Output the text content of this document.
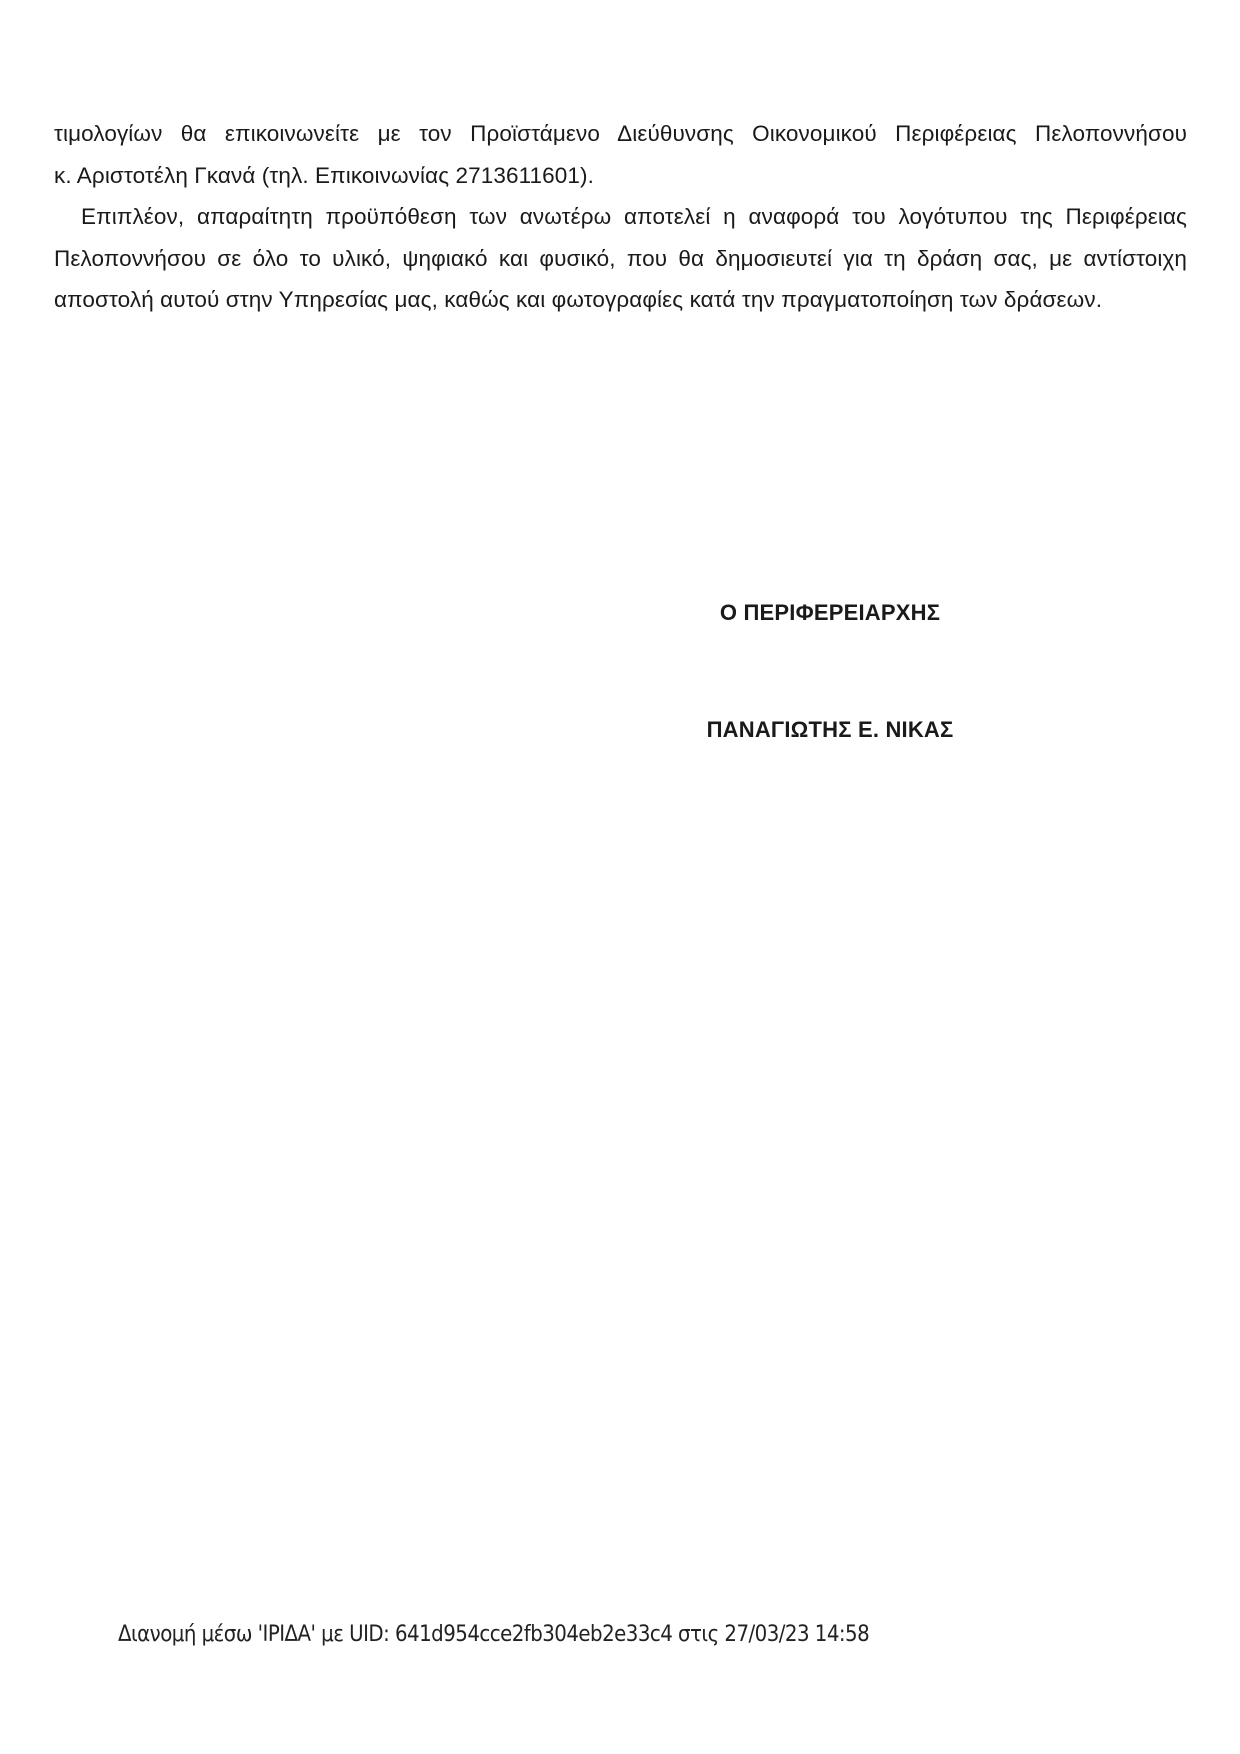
τιμολογίων θα επικοινωνείτε με τον Προϊστάμενο Διεύθυνσης Οικονομικού Περιφέρειας Πελοποννήσου
κ. Αριστοτέλη Γκανά (τηλ. Επικοινωνίας 2713611601).

Επιπλέον, απαραίτητη προϋπόθεση των ανωτέρω αποτελεί η αναφορά του λογότυπου της Περιφέρειας Πελοποννήσου σε όλο το υλικό, ψηφιακό και φυσικό, που θα δημοσιευτεί για τη δράση σας, με αντίστοιχη αποστολή αυτού στην Υπηρεσίας μας, καθώς και φωτογραφίες κατά την πραγματοποίηση των δράσεων.

Ο ΠΕΡΙΦΕΡΕΙΑΡΧΗΣ
ΠΑΝΑΓΙΩΤΗΣ Ε. ΝΙΚΑΣ
Διανομή μέσω 'ΙΡΙΔΑ' με UID: 641d954cce2fb304eb2e33c4 στις 27/03/23 14:58
